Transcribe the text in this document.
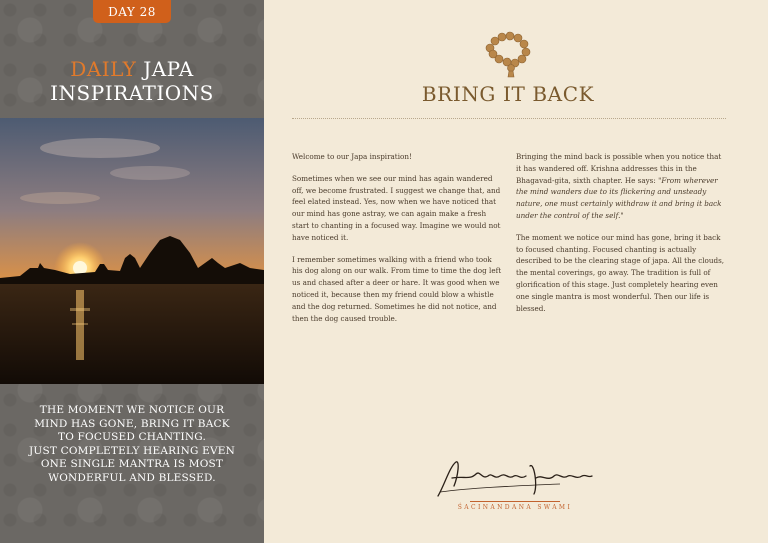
DAY 28
DAILY JAPA
INSPIRATIONS
THE MOMENT WE NOTICE OUR
MIND HAS GONE, BRING IT BACK
TO FOCUSED CHANTING.
JUST COMPLETELY HEARING EVEN
ONE SINGLE MANTRA IS MOST
WONDERFUL AND BLESSED.
BRING IT BACK

Welcome to our Japa inspiration!

Sometimes when we see our mind has again wandered off, we become frustrated. I suggest we change that, and feel elated instead. Yes, now when we have noticed that our mind has gone astray, we can again make a fresh start to chanting in a focused way. Imagine we would not have noticed it.

I remember sometimes walking with a friend who took his dog along on our walk. From time to time the dog left us and chased after a deer or hare. It was good when we noticed it, because then my friend could blow a whistle and the dog returned. Sometimes he did not notice, and then the dog caused trouble.

Bringing the mind back is possible when you notice that it has wandered off. Krishna addresses this in the Bhagavad-gita, sixth chapter. He says: "From wherever the mind wanders due to its flickering and unsteady nature, one must certainly withdraw it and bring it back under the control of the self."

The moment we notice our mind has gone, bring it back to focused chanting. Focused chanting is actually described to be the clearing stage of japa. All the clouds, the mental coverings, go away. The tradition is full of glorification of this stage. Just completely hearing even one single mantra is most wonderful. Then our life is blessed.

ŚACINANDANA SWAMI
